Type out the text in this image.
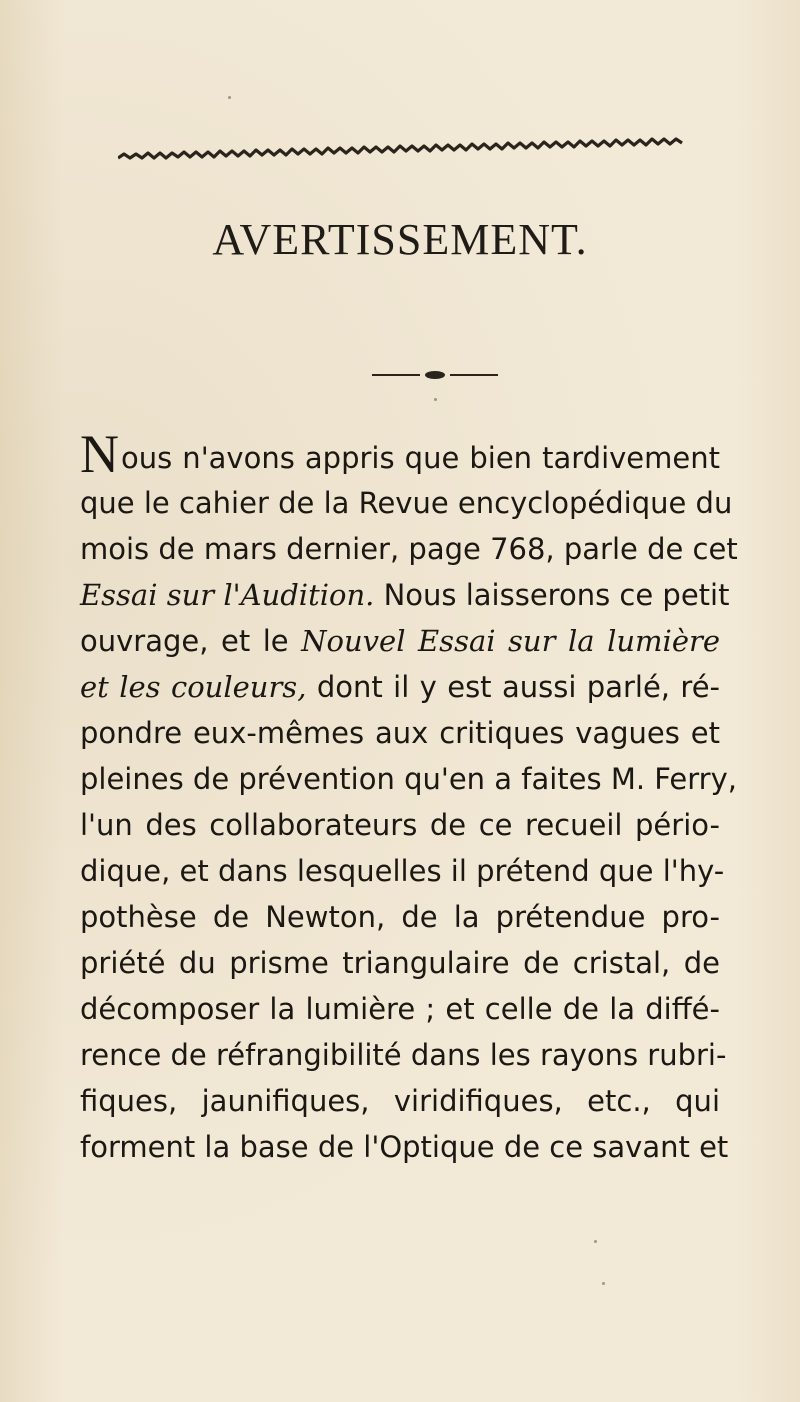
AVERTISSEMENT.
Nous n'avons appris que bien tardivement
que le cahier de la Revue encyclopédique du
mois de mars dernier, page 768, parle de cet
Essai sur l'Audition. Nous laisserons ce petit
ouvrage, et le Nouvel Essai sur la lumière
et les couleurs, dont il y est aussi parlé, ré-
pondre eux-mêmes aux critiques vagues et
pleines de prévention qu'en a faites M. Ferry,
l'un des collaborateurs de ce recueil pério-
dique, et dans lesquelles il prétend que l'hy-
pothèse de Newton, de la prétendue pro-
priété du prisme triangulaire de cristal, de
décomposer la lumière ; et celle de la diffé-
rence de réfrangibilité dans les rayons rubri-
fiques, jaunifiques, viridifiques, etc., qui
forment la base de l'Optique de ce savant et
